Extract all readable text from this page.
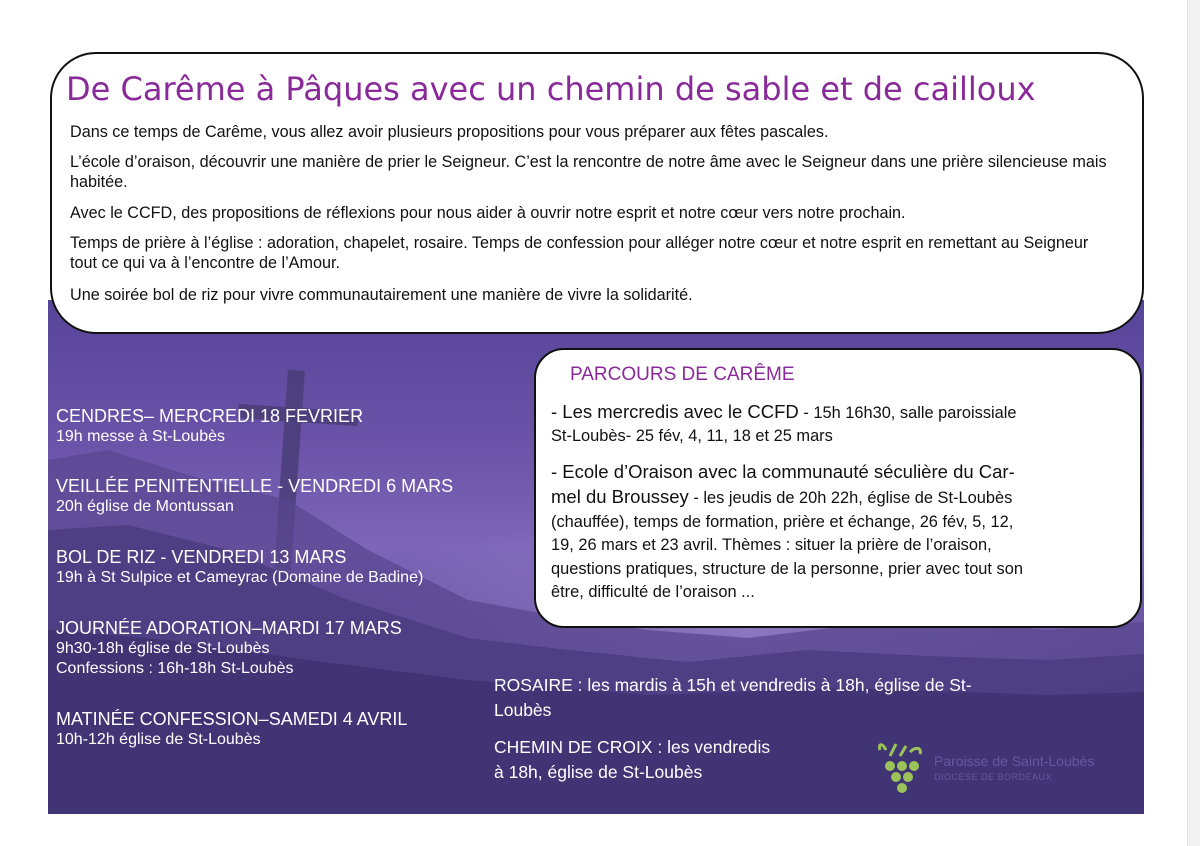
De Carême à Pâques avec un chemin de sable et de cailloux

Dans ce temps de Carême, vous allez avoir plusieurs propositions pour vous préparer aux fêtes pascales.

L’école d’oraison, découvrir une manière de prier le Seigneur. C’est la rencontre de notre âme avec le Seigneur dans une prière silencieuse mais habitée.

Avec le CCFD, des propositions de réflexions pour nous aider à ouvrir notre esprit et notre cœur vers notre prochain.

Temps de prière à l’église : adoration, chapelet, rosaire. Temps de confession pour alléger notre cœur et notre esprit en remettant au Seigneur tout ce qui va à l’encontre de l’Amour.

Une soirée bol de riz pour vivre communautairement une manière de vivre la solidarité.

CENDRES– MERCREDI 18 FEVRIER
19h messe à St-Loubès
VEILLÉE PENITENTIELLE - VENDREDI 6 MARS
20h église de Montussan
BOL DE RIZ - VENDREDI 13 MARS
19h à St Sulpice et Cameyrac (Domaine de Badine)
JOURNÉE ADORATION–MARDI 17 MARS
9h30-18h église de St-Loubès
Confessions : 16h-18h St-Loubès
MATINÉE CONFESSION–SAMEDI 4 AVRIL
10h-12h église de St-Loubès
PARCOURS DE CARÊME

- Les mercredis avec le CCFD - 15h 16h30, salle paroissiale
St-Loubès- 25 fév, 4, 11, 18 et 25 mars

- Ecole d’Oraison avec la communauté séculière du Car-
mel du Broussey - les jeudis de 20h 22h, église de St-Loubès
(chauffée), temps de formation, prière et échange, 26 fév, 5, 12,
19, 26 mars et 23 avril. Thèmes : situer la prière de l’oraison,
questions pratiques, structure de la personne, prier avec tout son
être, difficulté de l’oraison ...

ROSAIRE : les mardis à 15h et vendredis à 18h, église de St-
Loubès

CHEMIN DE CROIX : les vendredis
à 18h, église de St-Loubès

Paroisse de Saint-Loubès
DIOCÈSE DE BORDEAUX
